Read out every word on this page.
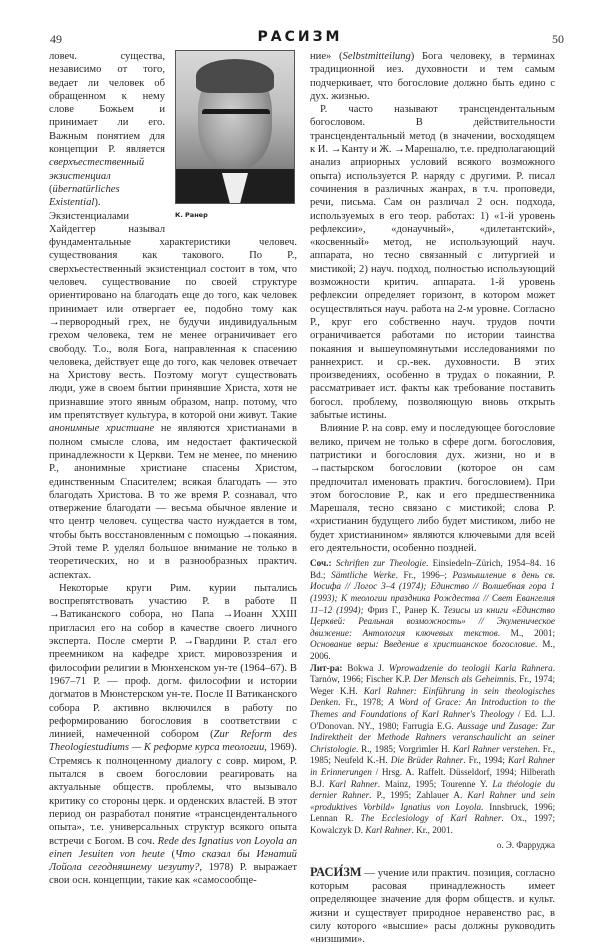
49	РАСИЗМ	50
К. Ранер

ловеч. существа, независимо от того, ведает ли человек об обращенном к нему слове Божьем и принимает ли его. Важным понятием для концепции Р. является сверхъестественный экзистенциал (übernatürliches Existential). Экзистенциалами Хайдеггер называл фундаментальные характеристики человеч. существования как такового. По Р., сверхъестественный экзистенциал состоит в том, что человеч. существование по своей структуре ориентировано на благодать еще до того, как человек принимает или отвергает ее, подобно тому как →первородный грех, не будучи индивидуальным грехом человека, тем не менее ограничивает его свободу. Т.о., воля Бога, направленная к спасению человека, действует еще до того, как человек отвечает на Христову весть. Поэтому могут существовать люди, уже в своем бытии принявшие Христа, хотя не признавшие этого явным образом, напр. потому, что им препятствует культура, в которой они живут. Такие анонимные христиане не являются христианами в полном смысле слова, им недостает фактической принадлежности к Церкви. Тем не менее, по мнению Р., анонимные христиане спасены Христом, единственным Спасителем; всякая благодать — это благодать Христова. В то же время Р. сознавал, что отвержение благодати — весьма обычное явление и что центр человеч. существа часто нуждается в том, чтобы быть восстановленным с помощью →покаяния. Этой теме Р. уделял большое внимание не только в теоретических, но и в разнообразных практич. аспектах.

Некоторые круги Рим. курии пытались воспрепятствовать участию Р. в работе II →Ватиканского собора, но Папа →Иоанн XXIII пригласил его на собор в качестве своего личного эксперта. После смерти Р. →Гвардини Р. стал его преемником на кафедре христ. мировоззрения и философии религии в Мюнхенском ун-те (1964–67). В 1967–71 Р. — проф. догм. философии и истории догматов в Мюнстерском ун-те. После II Ватиканского собора Р. активно включился в работу по реформированию богословия в соответствии с линией, намеченной собором (Zur Reform des Theologiestudiums — К реформе курса теологии, 1969). Стремясь к полноценному диалогу с совр. миром, Р. пытался в своем богословии реагировать на актуальные обществ. проблемы, что вызывало критику со стороны церк. и орденских властей. В этот период он разработал понятие «трансцендентального опыта», т.е. универсальных структур всякого опыта встречи с Богом. В соч. Rede des Ignatius von Loyola an einen Jesuiten von heute (Что сказал бы Игнатий Лойола сегодняшнему иезуиту?, 1978) Р. выражает свои осн. концепции, такие как «самосообще-

ние» (Selbstmitteilung) Бога человеку, в терминах традиционной иез. духовности и тем самым подчеркивает, что богословие должно быть едино с дух. жизнью.

Р. часто называют трансцендентальным богословом. В действительности трансцендентальный метод (в значении, восходящем к И. →Канту и Ж. →Марешалю, т.е. предполагающий анализ априорных условий всякого возможного опыта) используется Р. наряду с другими. Р. писал сочинения в различных жанрах, в т.ч. проповеди, речи, письма. Сам он различал 2 осн. подхода, используемых в его теор. работах: 1) «1-й уровень рефлексии», «донаучный», «дилетантский», «косвенный» метод, не использующий науч. аппарата, но тесно связанный с литургией и мистикой; 2) науч. подход, полностью использующий возможности критич. аппарата. 1-й уровень рефлексии определяет горизонт, в котором может осуществляться науч. работа на 2-м уровне. Согласно Р., круг его собственно науч. трудов почти ограничивается работами по истории таинства покаяния и вышеупомянутыми исследованиями по раннехрист. и ср.-век. духовности. В этих произведениях, особенно в трудах о покаянии, Р. рассматривает ист. факты как требование поставить богосл. проблему, позволяющую вновь открыть забытые истины.

Влияние Р. на совр. ему и последующее богословие велико, причем не только в сфере догм. богословия, патристики и богословия дух. жизни, но и в →пастырском богословии (которое он сам предпочитал именовать практич. богословием). При этом богословие Р., как и его предшественника Марешаля, тесно связано с мистикой; слова Р. «христианин будущего либо будет мистиком, либо не будет христианином» являются ключевыми для всей его деятельности, особенно поздней.

Соч.: Schriften zur Theologie. Einsiedeln–Zürich, 1954–84. 16 Bd.; Sämtliche Werke. Fr., 1996–; Размышление в день св. Иосифа // Логос 3–4 (1974); Единство // Волшебная гора 1 (1993); К теологии праздника Рождества // Свет Евангелия 11–12 (1994); Фриз Г., Ранер К. Тезисы из книги «Единство Церквей: Реальная возможность» // Экуменическое движение: Антология ключевых текстов. М., 2001; Основание веры: Введение в христианское богословие. М., 2006.

Лит-ра: Bokwa J. Wprowadzenie do teologii Karla Rahnera. Tarnów, 1966; Fischer K.P. Der Mensch als Geheimnis. Fr., 1974; Weger K.H. Karl Rahner: Einführung in sein theologisches Denken. Fr., 1978; A Word of Grace: An Introduction to the Themes and Foundations of Karl Rahner's Theology / Ed. L.J. O'Donovan. NY., 1980; Farrugia E.G. Aussage und Zusage: Zur Indirektheit der Methode Rahners veranschaulicht an seiner Christologie. R., 1985; Vorgrimler H. Karl Rahner verstehen. Fr., 1985; Neufeld K.-H. Die Brüder Rahner. Fr., 1994; Karl Rahner in Erinnerungen / Hrsg. A. Raffelt. Düsseldorf, 1994; Hilberath B.J. Karl Rahner. Mainz, 1995; Tourenne Y. La théologie du dernier Rahner. P., 1995; Zahlauer A. Karl Rahner und sein «produktives Vorbild» Ignatius von Loyola. Innsbruck, 1996; Lennan R. The Ecclesiology of Karl Rahner. Ox., 1997; Kowalczyk D. Karl Rahner. Kr., 2001.

о. Э. Фарруджа

РАСИ́ЗМ — учение или практич. позиция, согласно которым расовая принадлежность имеет определяющее значение для форм обществ. и культ. жизни и существует природное неравенство рас, в силу которого «высшие» расы должны руководить «низшими».
